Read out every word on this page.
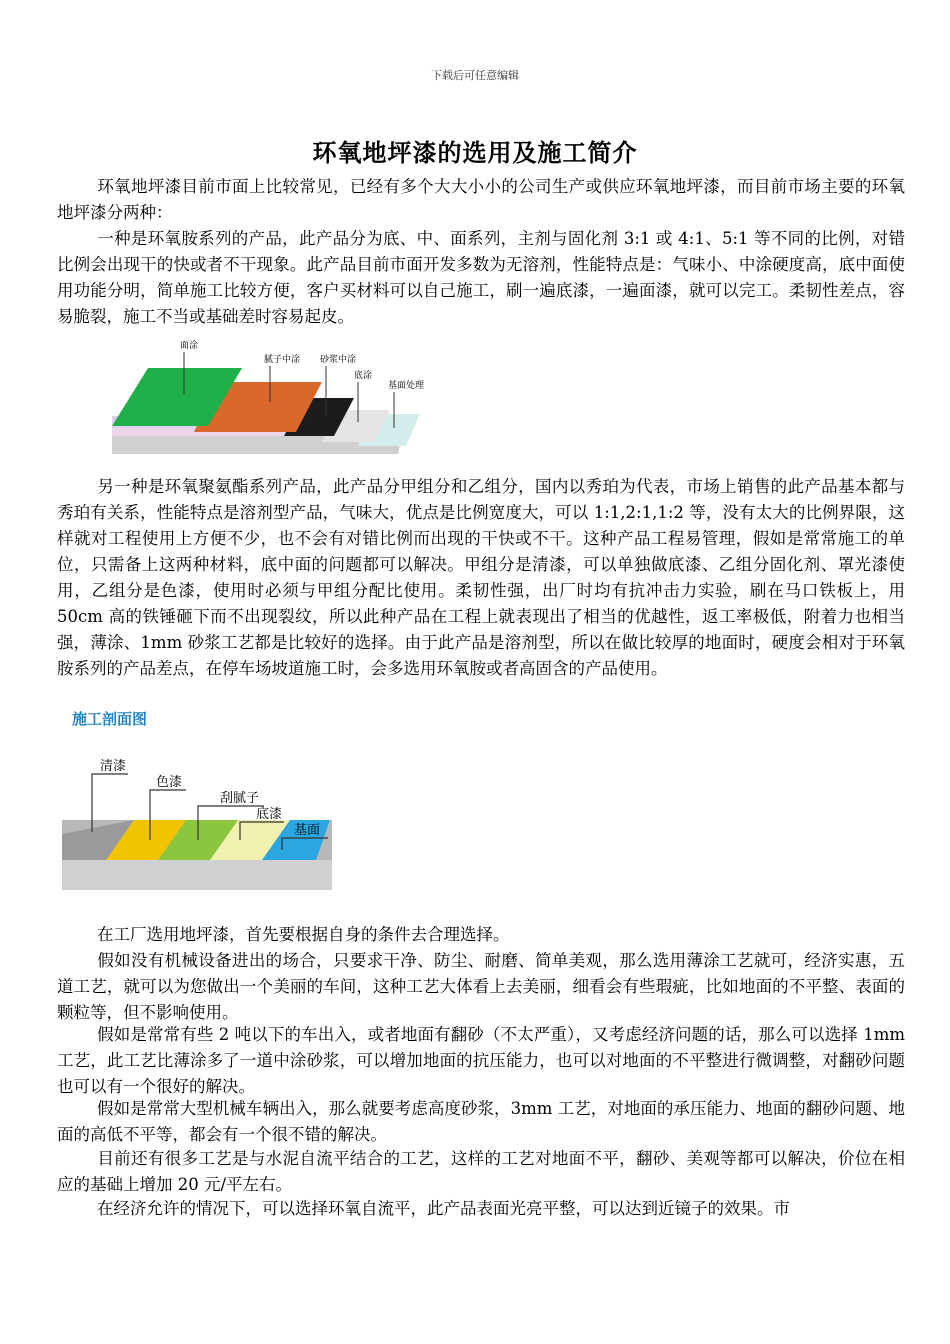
下载后可任意编辑
环氧地坪漆的选用及施工简介

环氧地坪漆目前市面上比较常见，已经有多个大大小小的公司生产或供应环氧地坪漆，而目前市场主要的环氧地坪漆分两种：

一种是环氧胺系列的产品，此产品分为底、中、面系列，主剂与固化剂 3:1 或 4:1、5:1 等不同的比例，对错比例会出现干的快或者不干现象。此产品目前市面开发多数为无溶剂，性能特点是：气味小、中涂硬度高，底中面使用功能分明，简单施工比较方便，客户买材料可以自己施工，刷一遍底漆，一遍面漆，就可以完工。柔韧性差点，容易脆裂，施工不当或基础差时容易起皮。

面涂
腻子中涂 砂浆中涂
底涂
基面处理

另一种是环氧聚氨酯系列产品，此产品分甲组分和乙组分，国内以秀珀为代表，市场上销售的此产品基本都与秀珀有关系，性能特点是溶剂型产品，气味大，优点是比例宽度大，可以 1:1,2:1,1:2 等，没有太大的比例界限，这样就对工程使用上方便不少，也不会有对错比例而出现的干快或不干。这种产品工程易管理，假如是常常施工的单位，只需备上这两种材料，底中面的问题都可以解决。甲组分是清漆，可以单独做底漆、乙组分固化剂、罩光漆使用，乙组分是色漆，使用时必须与甲组分配比使用。柔韧性强，出厂时均有抗冲击力实验，刷在马口铁板上，用 50cm 高的铁锤砸下而不出现裂纹，所以此种产品在工程上就表现出了相当的优越性，返工率极低，附着力也相当强，薄涂、1mm 砂浆工艺都是比较好的选择。由于此产品是溶剂型，所以在做比较厚的地面时，硬度会相对于环氧胺系列的产品差点，在停车场坡道施工时，会多选用环氧胺或者高固含的产品使用。

施工剖面图
清漆
色漆
刮腻子
底漆
基面

在工厂选用地坪漆，首先要根据自身的条件去合理选择。

假如没有机械设备进出的场合，只要求干净、防尘、耐磨、简单美观，那么选用薄涂工艺就可，经济实惠，五道工艺，就可以为您做出一个美丽的车间，这种工艺大体看上去美丽，细看会有些瑕疵，比如地面的不平整、表面的颗粒等，但不影响使用。

假如是常常有些 2 吨以下的车出入，或者地面有翻砂（不太严重），又考虑经济问题的话，那么可以选择 1mm 工艺，此工艺比薄涂多了一道中涂砂浆，可以增加地面的抗压能力，也可以对地面的不平整进行微调整，对翻砂问题也可以有一个很好的解决。

假如是常常大型机械车辆出入，那么就要考虑高度砂浆，3mm 工艺，对地面的承压能力、地面的翻砂问题、地面的高低不平等，都会有一个很不错的解决。

目前还有很多工艺是与水泥自流平结合的工艺，这样的工艺对地面不平，翻砂、美观等都可以解决，价位在相应的基础上增加 20 元/平左右。

在经济允许的情况下，可以选择环氧自流平，此产品表面光亮平整，可以达到近镜子的效果。市
